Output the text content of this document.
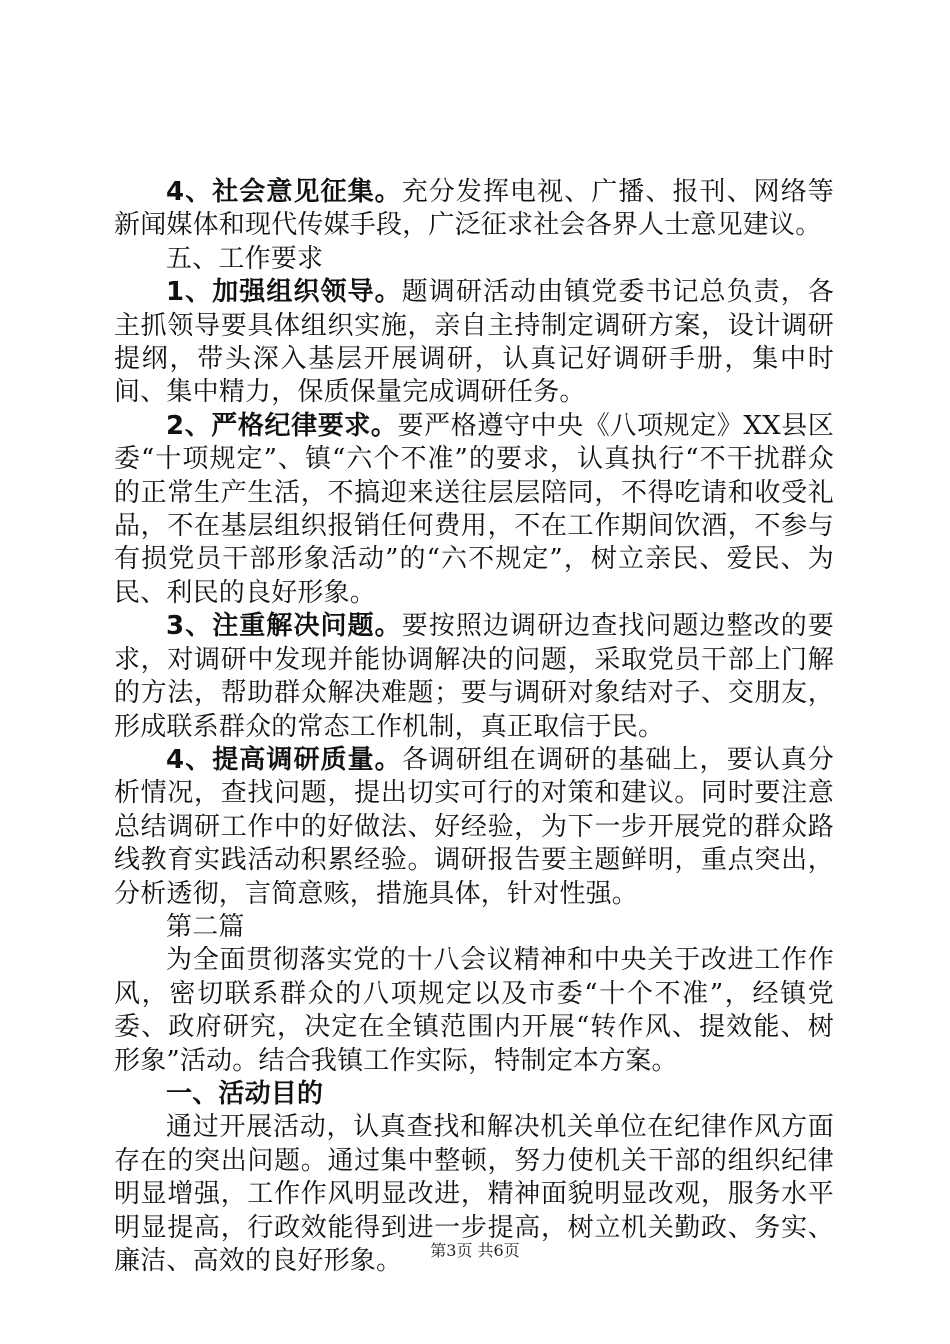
4、社会意见征集。充分发挥电视、广播、报刊、网络等新闻媒体和现代传媒手段，广泛征求社会各界人士意见建议。

五、工作要求

1、加强组织领导。题调研活动由镇党委书记总负责，各主抓领导要具体组织实施，亲自主持制定调研方案，设计调研提纲，带头深入基层开展调研，认真记好调研手册，集中时间、集中精力，保质保量完成调研任务。

2、严格纪律要求。要严格遵守中央《八项规定》XX县区委“十项规定”、镇“六个不准”的要求，认真执行“不干扰群众的正常生产生活，不搞迎来送往层层陪同，不得吃请和收受礼品，不在基层组织报销任何费用，不在工作期间饮酒，不参与有损党员干部形象活动”的“六不规定”，树立亲民、爱民、为民、利民的良好形象。

3、注重解决问题。要按照边调研边查找问题边整改的要求，对调研中发现并能协调解决的问题，采取党员干部上门解的方法，帮助群众解决难题；要与调研对象结对子、交朋友，形成联系群众的常态工作机制，真正取信于民。

4、提高调研质量。各调研组在调研的基础上，要认真分析情况，查找问题，提出切实可行的对策和建议。同时要注意总结调研工作中的好做法、好经验，为下一步开展党的群众路线教育实践活动积累经验。调研报告要主题鲜明，重点突出，分析透彻，言简意赅，措施具体，针对性强。

第二篇

为全面贯彻落实党的十八会议精神和中央关于改进工作作风，密切联系群众的八项规定以及市委“十个不准”，经镇党委、政府研究，决定在全镇范围内开展“转作风、提效能、树形象”活动。结合我镇工作实际，特制定本方案。

一、活动目的

通过开展活动，认真查找和解决机关单位在纪律作风方面存在的突出问题。通过集中整顿，努力使机关干部的组织纪律明显增强，工作作风明显改进，精神面貌明显改观，服务水平明显提高，行政效能得到进一步提高，树立机关勤政、务实、廉洁、高效的良好形象。	第3页 共6页
